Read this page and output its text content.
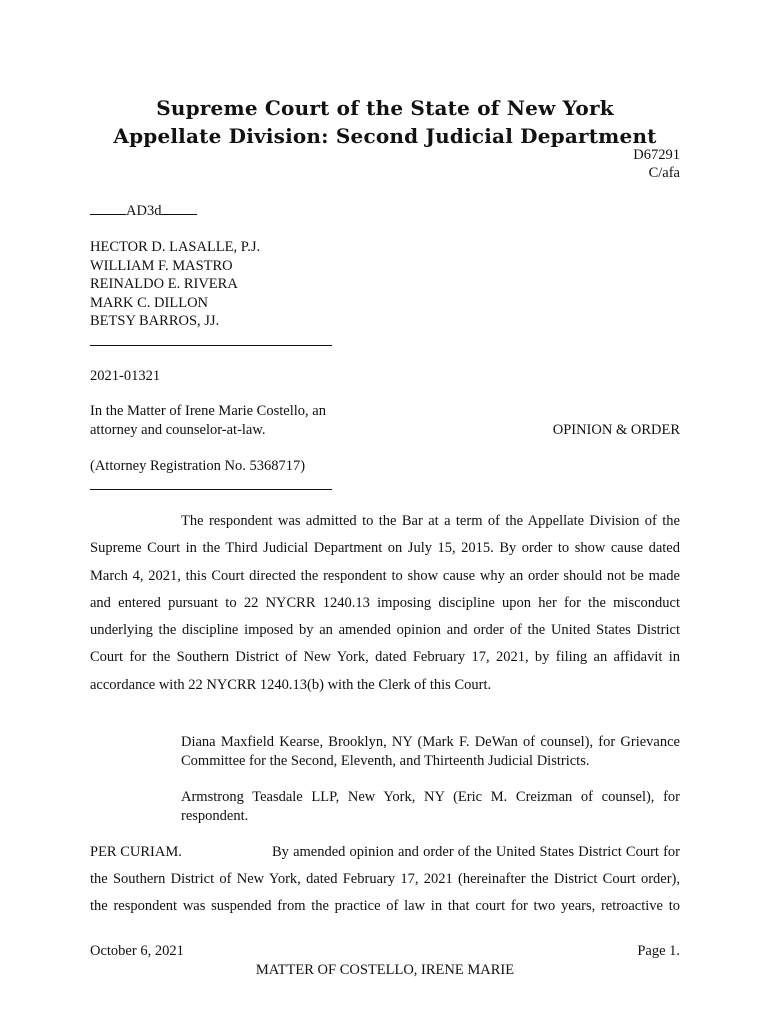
Supreme Court of the State of New York
Appellate Division: Second Judicial Department
D67291
C/afa
AD3d
HECTOR D. LASALLE, P.J.
WILLIAM F. MASTRO
REINALDO E. RIVERA
MARK C. DILLON
BETSY BARROS, JJ.
2021-01321
In the Matter of Irene Marie Costello, an
attorney and counselor-at-law.	OPINION & ORDER
(Attorney Registration No. 5368717)
The respondent was admitted to the Bar at a term of the Appellate Division of the
Supreme Court in the Third Judicial Department on July 15, 2015. By order to show cause dated
March 4, 2021, this Court directed the respondent to show cause why an order should not be made
and entered pursuant to 22 NYCRR 1240.13 imposing discipline upon her for the misconduct
underlying the discipline imposed by an amended opinion and order of the United States District
Court for the Southern District of New York, dated February 17, 2021, by filing an affidavit in
accordance with 22 NYCRR 1240.13(b) with the Clerk of this Court.
Diana Maxfield Kearse, Brooklyn, NY (Mark F. DeWan of counsel), for Grievance
Committee for the Second, Eleventh, and Thirteenth Judicial Districts.
Armstrong Teasdale LLP, New York, NY (Eric M. Creizman of counsel), for
respondent.
PER CURIAM.	By amended opinion and order of the United States District Court for
the Southern District of New York, dated February 17, 2021 (hereinafter the District Court order),
the respondent was suspended from the practice of law in that court for two years, retroactive to
October 6, 2021	Page 1.
MATTER OF COSTELLO, IRENE MARIE
